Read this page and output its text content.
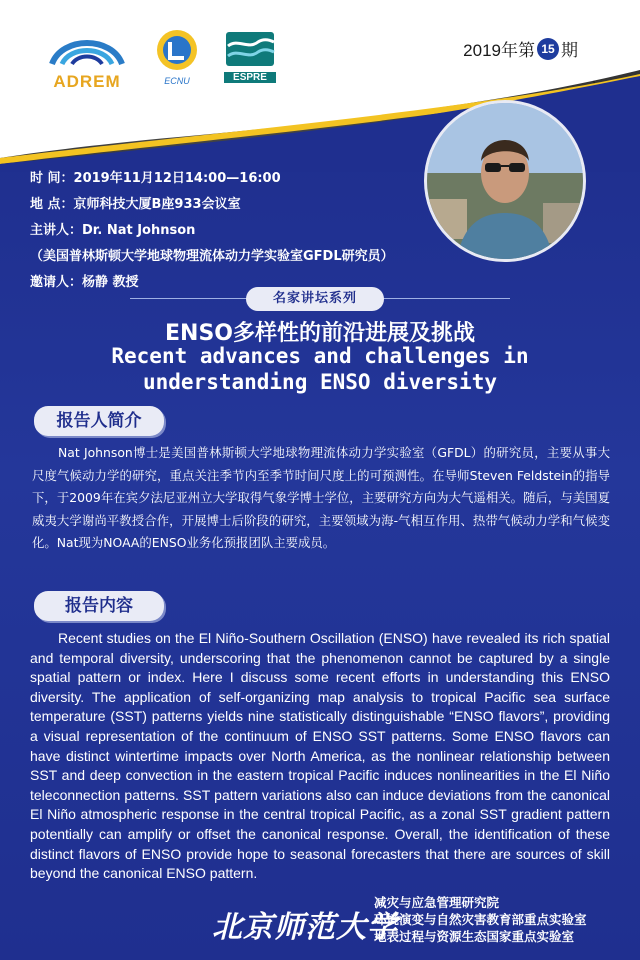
ADREM	ECNU	ESPRE
2019年第 15 期
时 间：2019年11月12日14:00—16:00
地 点：京师科技大厦B座933会议室
主讲人：Dr. Nat Johnson
（美国普林斯顿大学地球物理流体动力学实验室GFDL研究员）
邀请人：杨静 教授
名家讲坛系列
ENSO多样性的前沿进展及挑战
Recent advances and challenges in
understanding ENSO diversity
报告人简介
Nat Johnson博士是美国普林斯顿大学地球物理流体动力学实验室（GFDL）的研究员，主要从事大尺度气候动力学的研究，重点关注季节内至季节时间尺度上的可预测性。在导师Steven Feldstein的指导下，于2009年在宾夕法尼亚州立大学取得气象学博士学位，主要研究方向为大气遥相关。随后，与美国夏威夷大学谢尚平教授合作，开展博士后阶段的研究，主要领域为海-气相互作用、热带气候动力学和气候变化。Nat现为NOAA的ENSO业务化预报团队主要成员。
报告内容
Recent studies on the El Niño-Southern Oscillation (ENSO) have revealed its rich spatial and temporal diversity, underscoring that the phenomenon cannot be captured by a single spatial pattern or index. Here I discuss some recent efforts in understanding this ENSO diversity. The application of self-organizing map analysis to tropical Pacific sea surface temperature (SST) patterns yields nine statistically distinguishable “ENSO flavors”, providing a visual representation of the continuum of ENSO SST patterns. Some ENSO flavors can have distinct wintertime impacts over North America, as the nonlinear relationship between SST and deep convection in the eastern tropical Pacific induces nonlinearities in the El Niño teleconnection patterns. SST pattern variations also can induce deviations from the canonical El Niño atmospheric response in the central tropical Pacific, as a zonal SST gradient pattern potentially can amplify or offset the canonical response. Overall, the identification of these distinct flavors of ENSO provide hope to seasonal forecasters that there are sources of skill beyond the canonical ENSO pattern.
北京师范大学
减灾与应急管理研究院
环境演变与自然灾害教育部重点实验室
地表过程与资源生态国家重点实验室
